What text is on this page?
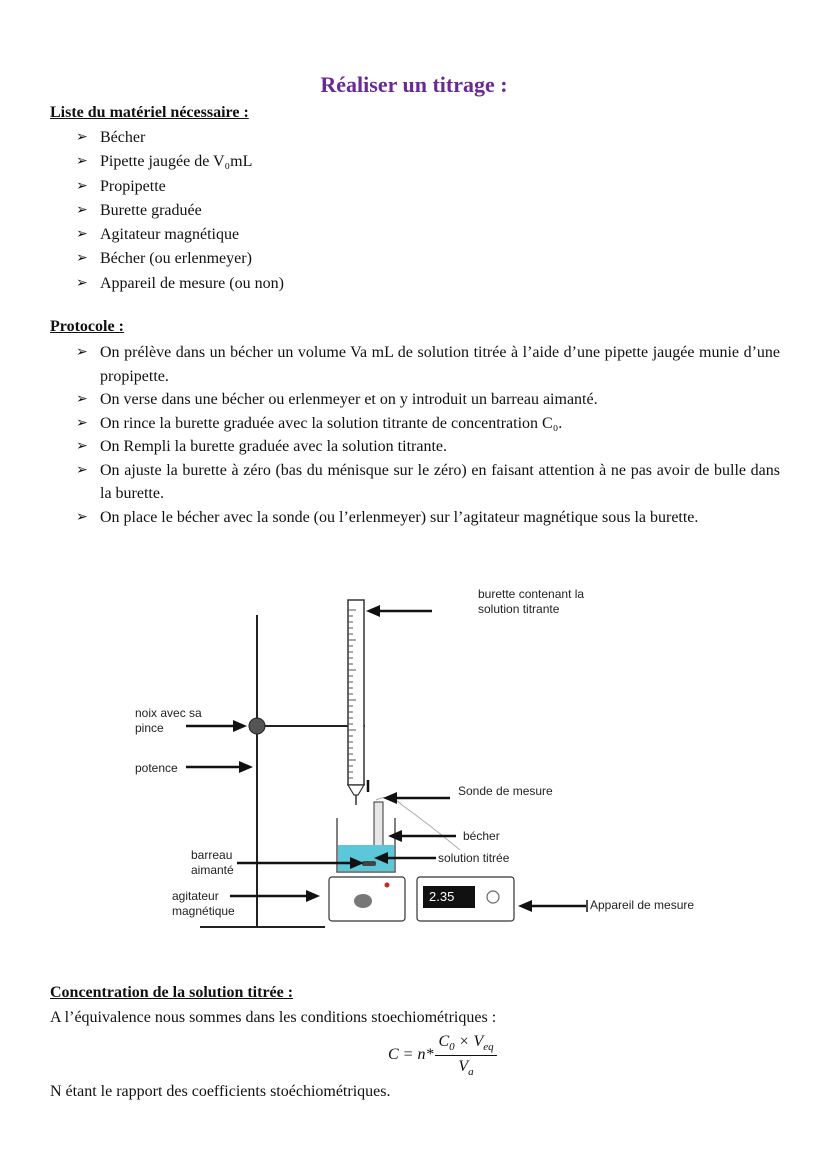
Réaliser un titrage :
Liste du matériel nécessaire :
➢ Bécher
➢ Pipette jaugée de V₀mL
➢ Propipette
➢ Burette graduée
➢ Agitateur magnétique
➢ Bécher (ou erlenmeyer)
➢ Appareil de mesure (ou non)
Protocole :
➢ On prélève dans un bécher un volume Va mL de solution titrée à l’aide d’une pipette jaugée munie d’une propipette.
➢ On verse dans une bécher ou erlenmeyer et on y introduit un barreau aimanté.
➢ On rince la burette graduée avec la solution titrante de concentration C₀.
➢ On Rempli la burette graduée avec la solution titrante.
➢ On ajuste la burette à zéro (bas du ménisque sur le zéro) en faisant attention à ne pas avoir de bulle dans la burette.
➢ On place le bécher avec la sonde (ou l’erlenmeyer) sur l’agitateur magnétique sous la burette.
2.35
burette contenant la
solution titrante
noix avec sa
pince
potence
Sonde de mesure
bécher
solution titrée
barreau
aimanté
agitateur
magnétique	Appareil de mesure
Concentration de la solution titrée :
A l’équivalence nous sommes dans les conditions stoechiométriques :
$C = n* \frac{C_0 \times V_{eq}}{V_a}$
N étant le rapport des coefficients stoéchiométriques.
